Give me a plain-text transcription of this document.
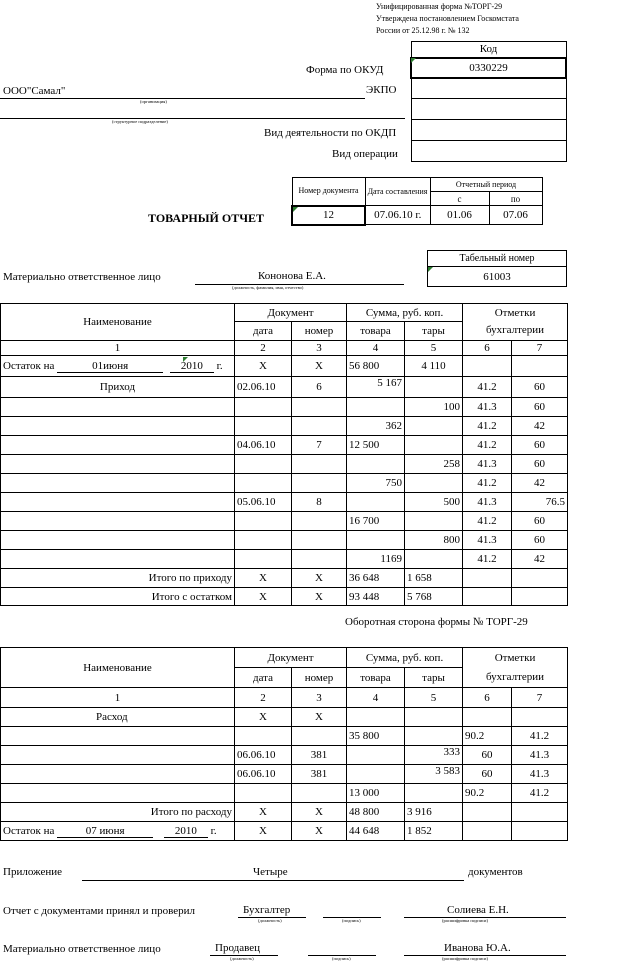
Унифицированная форма №ТОРГ-29
Утверждена постановлением Госкомстата
России от 25.12.98 г. № 132
Код
0330229

Форма по ОКУД
ЭКПО
Вид деятельности по ОКДП
Вид операции
ООО"Самал"
(организация)
(структурное подразделение)
Номер документа	Дата составления	Отчетный период	
		с	по
12	07.06.10 г.	01.06	07.06
ТОВАРНЫЙ ОТЧЕТ
Табельный номер
61003
Материально ответственное лицо	Кононова Е.А.
(должность, фамилия, имя, отчество)
Наименование	Документ		Сумма, руб. коп.		Отметки бухгалтерии	
	дата	номер	товара	тары		
1	2	3	4	5	6	7
Остаток на 01июня 2010 г.	Х	Х	56 800	4 110		
Приход	02.06.10	6	5 167		41.2	60
				100	41.3	60
			362		41.2	42
	04.06.10	7	12 500		41.2	60
				258	41.3	60
			750		41.2	42
	05.06.10	8		500	41.3	76.5
			16 700		41.2	60
				800	41.3	60
			1169		41.2	42
Итого по приходу	Х	Х	36 648	1 658		
Итого с остатком	Х	Х	93 448	5 768		
Оборотная сторона формы № ТОРГ-29
Наименование	Документ		Сумма, руб. коп.		Отметки бухгалтерии	
	дата	номер	товара	тары		
1	2	3	4	5	6	7
Расход	Х	Х				
			35 800		90.2	41.2
	06.06.10	381		333	60	41.3
	06.06.10	381		3 583	60	41.3
			13 000		90.2	41.2
Итого по расходу	Х	Х	48 800	3 916		
Остаток на 07 июня 2010 г.	Х	Х	44 648	1 852		
Приложение	Четыре	документов
Отчет с документами принял и проверил	Бухгалтер
(должность)	(подпись)
Солиева Е.Н.
(расшифровка подписи)
Материально ответственное лицо	Продавец
(должность)	(подпись)
Иванова Ю.А.
(расшифровка подписи)
